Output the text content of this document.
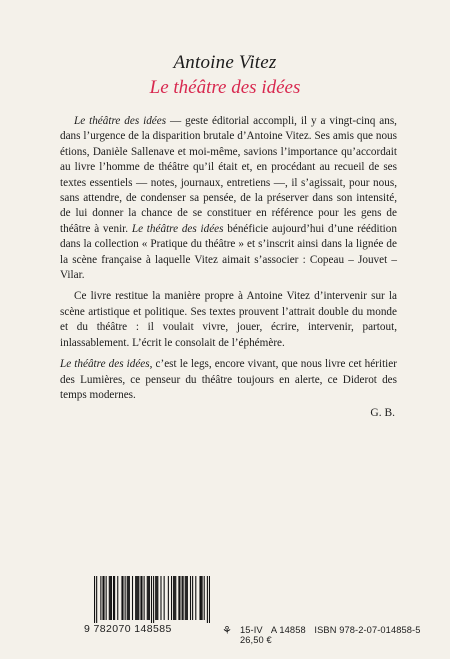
Antoine Vitez
Le théâtre des idées

Le théâtre des idées — geste éditorial accompli, il y a vingt-cinq ans, dans l’urgence de la disparition brutale d’Antoine Vitez. Ses amis que nous étions, Danièle Sallenave et moi-même, savions l’importance qu’accordait au livre l’homme de théâtre qu’il était et, en procédant au recueil de ses textes essentiels — notes, journaux, entretiens —, il s’agissait, pour nous, sans attendre, de condenser sa pensée, de la préserver dans son intensité, de lui donner la chance de se constituer en référence pour les gens de théâtre à venir. Le théâtre des idées bénéficie aujourd’hui d’une réédition dans la collection « Pratique du théâtre » et s’inscrit ainsi dans la lignée de la scène française à laquelle Vitez aimait s’associer : Copeau – Jouvet – Vilar.

Ce livre restitue la manière propre à Antoine Vitez d’intervenir sur la scène artistique et politique. Ses textes prouvent l’attrait double du monde et du théâtre : il voulait vivre, jouer, écrire, intervenir, partout, inlassablement. L’écrit le consolait de l’éphémère.

Le théâtre des idées, c’est le legs, encore vivant, que nous livre cet héritier des Lumières, ce penseur du théâtre toujours en alerte, ce Diderot des temps modernes.

G. B.
9 782070 148585	⚘ 15-IV A 14858 ISBN 978-2-07-014858-5 26,50 €
